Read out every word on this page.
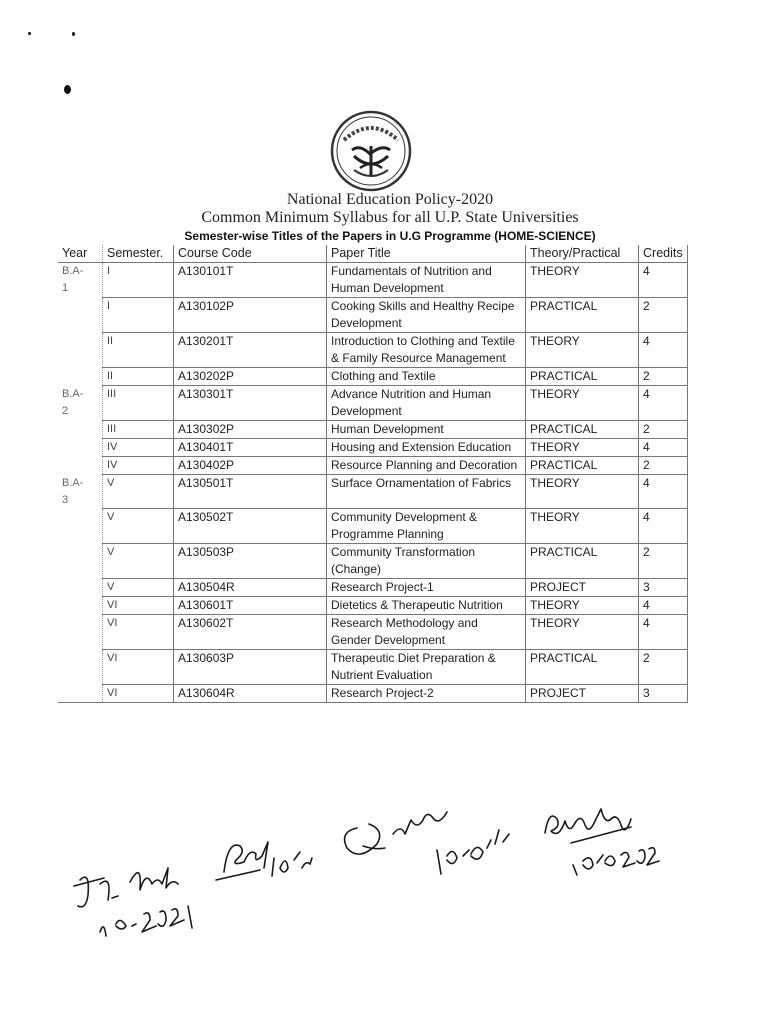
National Education Policy-2020
Common Minimum Syllabus for all U.P. State Universities
Semester-wise Titles of the Papers in U.G Programme (HOME-SCIENCE)
Year	Semester.	Course Code	Paper Title	Theory/Practical	Credits
B.A-
1	I	A130101T	Fundamentals of Nutrition and Human Development	THEORY	4
	I	A130102P	Cooking Skills and Healthy Recipe Development	PRACTICAL	2
	II	A130201T	Introduction to Clothing and Textile & Family Resource Management	THEORY	4
	II	A130202P	Clothing and Textile	PRACTICAL	2
B.A-
2	III	A130301T	Advance Nutrition and Human Development	THEORY	4
	III	A130302P	Human Development	PRACTICAL	2
	IV	A130401T	Housing and Extension Education	THEORY	4
	IV	A130402P	Resource Planning and Decoration	PRACTICAL	2
B.A-
3	V	A130501T	Surface Ornamentation of Fabrics	THEORY	4
	V	A130502T	Community Development & Programme Planning	THEORY	4
	V	A130503P	Community Transformation (Change)	PRACTICAL	2
	V	A130504R	Research Project-1	PROJECT	3
	VI	A130601T	Dietetics & Therapeutic Nutrition	THEORY	4
	VI	A130602T	Research Methodology and Gender Development	THEORY	4
	VI	A130603P	Therapeutic Diet Preparation & Nutrient Evaluation	PRACTICAL	2
	VI	A130604R	Research Project-2	PROJECT	3
